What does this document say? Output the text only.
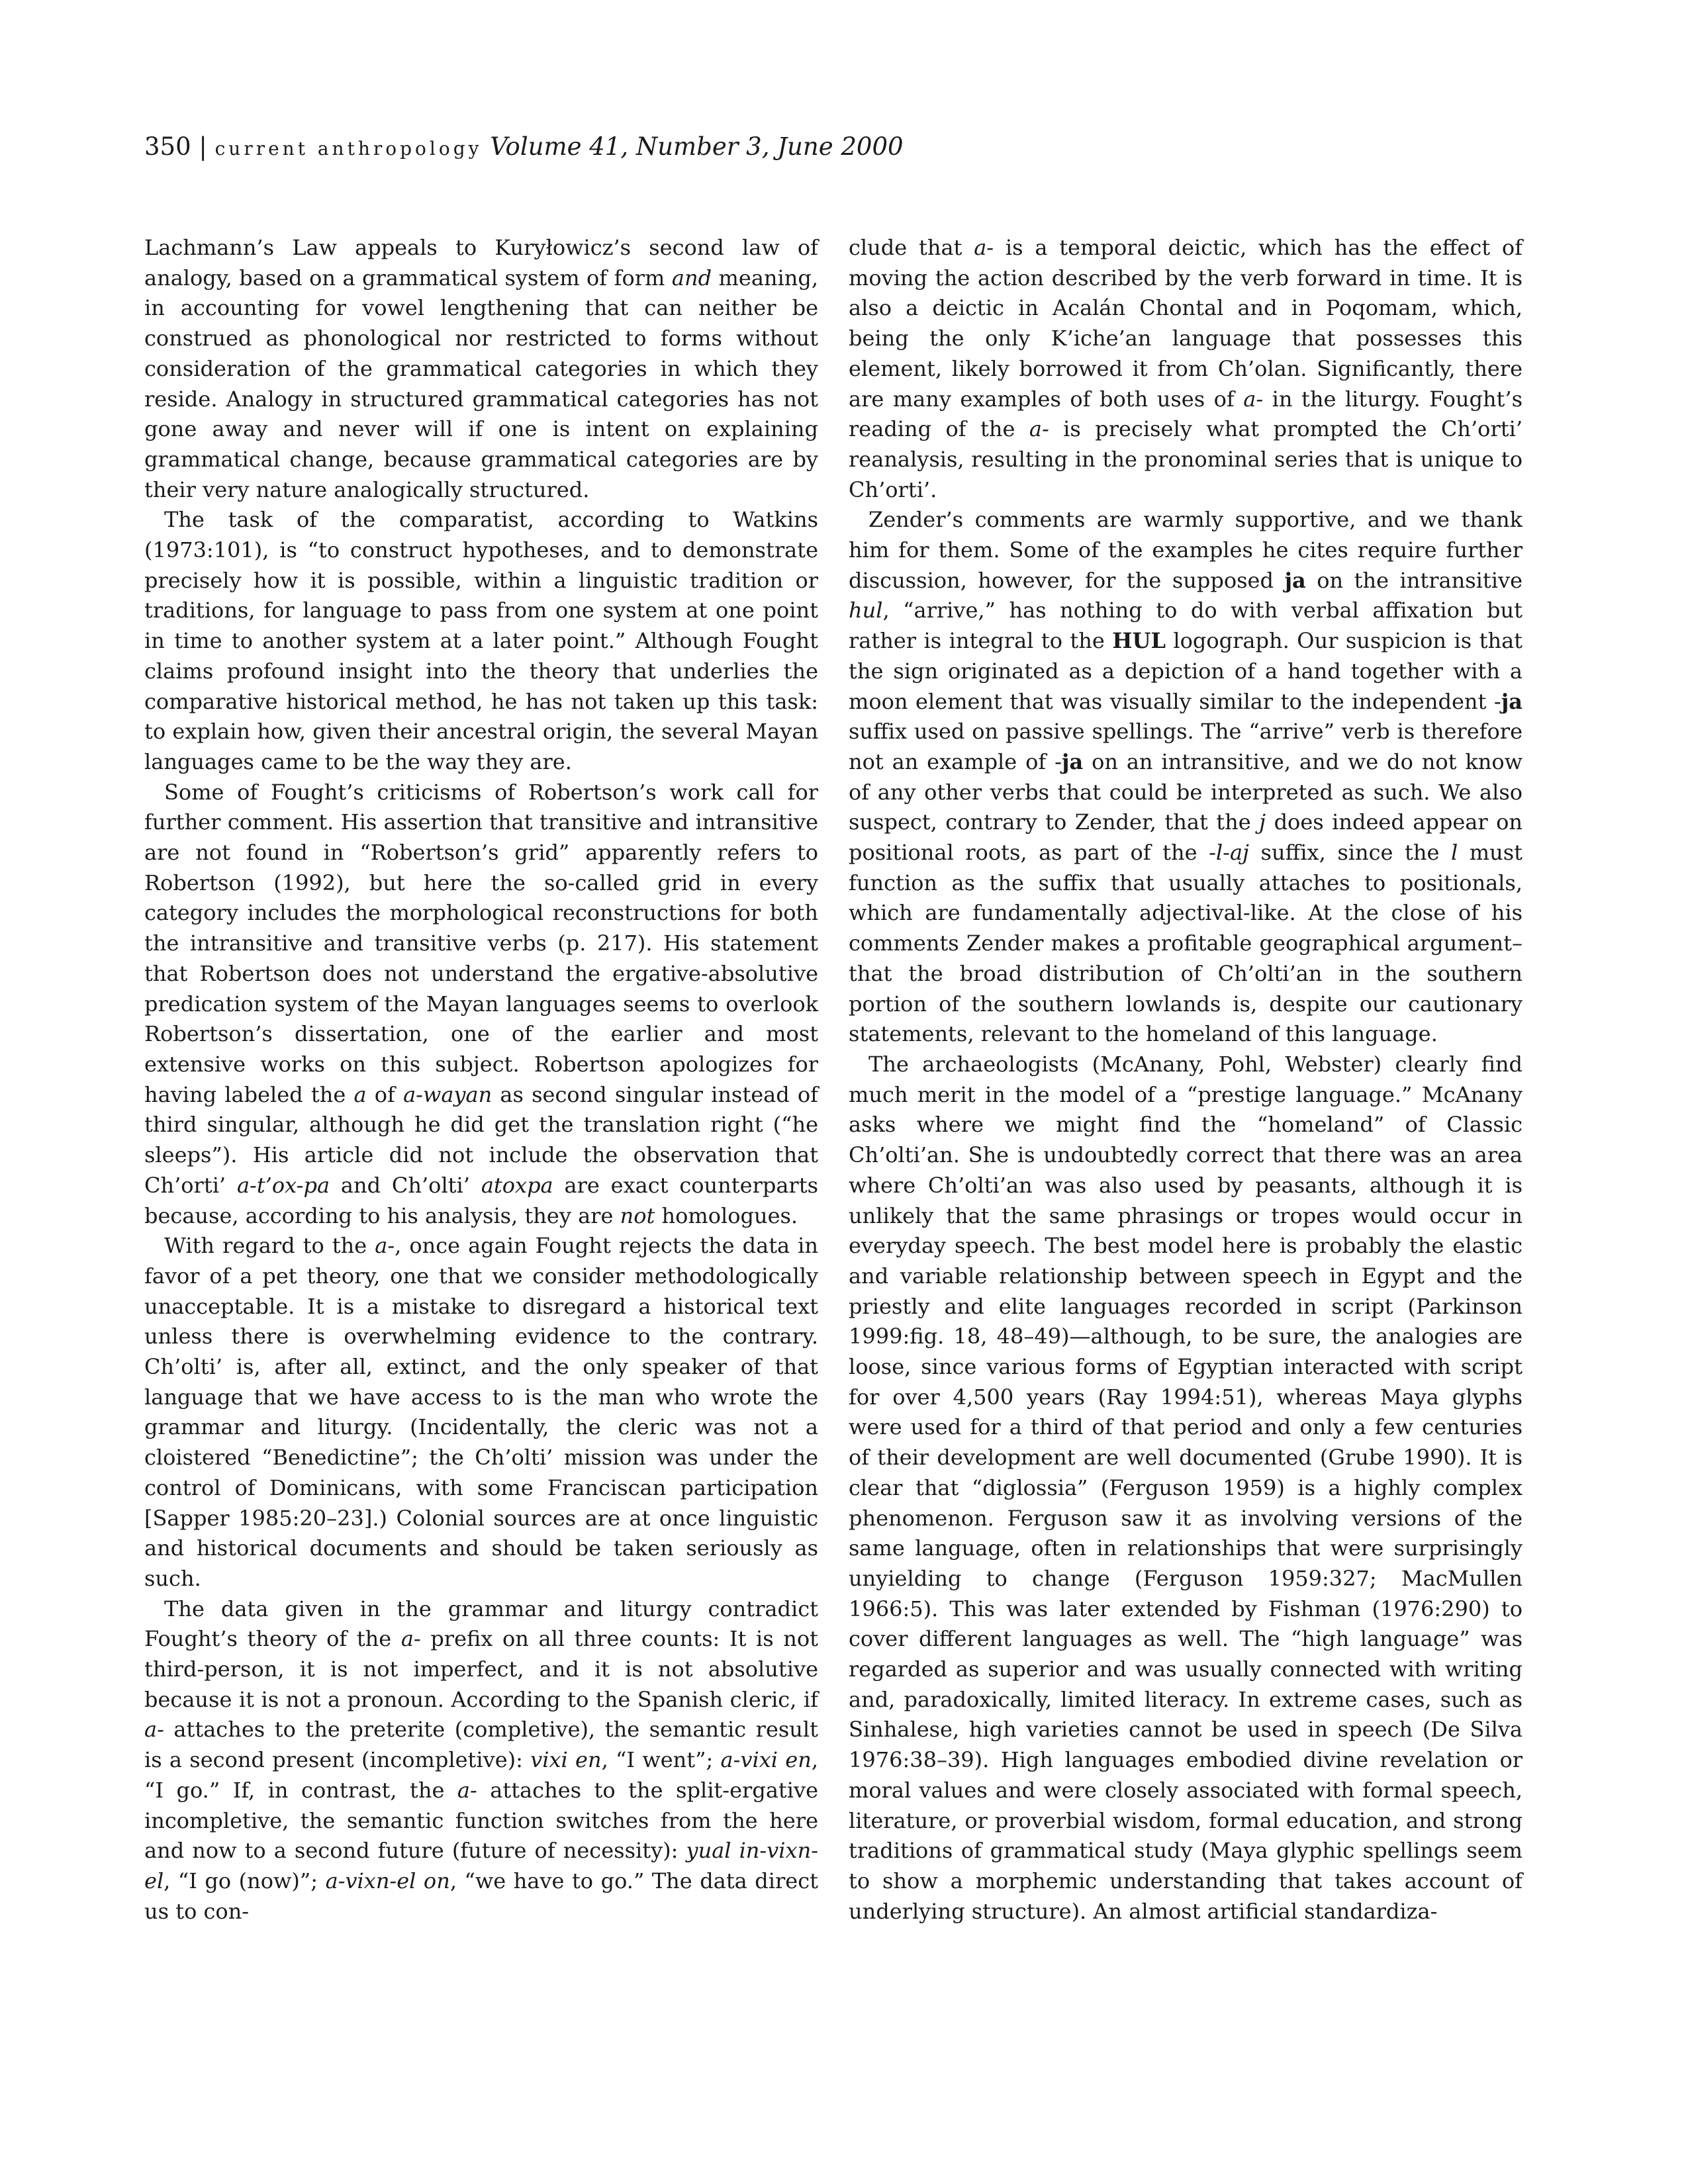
350 | current anthropology Volume 41, Number 3, June 2000

Lachmann’s Law appeals to Kuryłowicz’s second law of analogy, based on a grammatical system of form and meaning, in accounting for vowel lengthening that can neither be construed as phonological nor restricted to forms without consideration of the grammatical categories in which they reside. Analogy in structured grammatical categories has not gone away and never will if one is intent on explaining grammatical change, because grammatical categories are by their very nature analogically structured.

The task of the comparatist, according to Watkins (1973:101), is “to construct hypotheses, and to demonstrate precisely how it is possible, within a linguistic tradition or traditions, for language to pass from one system at one point in time to another system at a later point.” Although Fought claims profound insight into the theory that underlies the comparative historical method, he has not taken up this task: to explain how, given their ancestral origin, the several Mayan languages came to be the way they are.

Some of Fought’s criticisms of Robertson’s work call for further comment. His assertion that transitive and intransitive are not found in “Robertson’s grid” apparently refers to Robertson (1992), but here the so-called grid in every category includes the morphological reconstructions for both the intransitive and transitive verbs (p. 217). His statement that Robertson does not understand the ergative-absolutive predication system of the Mayan languages seems to overlook Robertson’s dissertation, one of the earlier and most extensive works on this subject. Robertson apologizes for having labeled the a of a-wayan as second singular instead of third singular, although he did get the translation right (“he sleeps”). His article did not include the observation that Ch’orti’ a-t’ox-pa and Ch’olti’ atoxpa are exact counterparts because, according to his analysis, they are not homologues.

With regard to the a-, once again Fought rejects the data in favor of a pet theory, one that we consider methodologically unacceptable. It is a mistake to disregard a historical text unless there is overwhelming evidence to the contrary. Ch’olti’ is, after all, extinct, and the only speaker of that language that we have access to is the man who wrote the grammar and liturgy. (Incidentally, the cleric was not a cloistered “Benedictine”; the Ch’olti’ mission was under the control of Dominicans, with some Franciscan participation [Sapper 1985:20–23].) Colonial sources are at once linguistic and historical documents and should be taken seriously as such.

The data given in the grammar and liturgy contradict Fought’s theory of the a- prefix on all three counts: It is not third-person, it is not imperfect, and it is not absolutive because it is not a pronoun. According to the Spanish cleric, if a- attaches to the preterite (completive), the semantic result is a second present (incompletive): vixi en, “I went”; a-vixi en, “I go.” If, in contrast, the a- attaches to the split-ergative incompletive, the semantic function switches from the here and now to a second future (future of necessity): yual in-vixn-el, “I go (now)”; a-vixn-el on, “we have to go.” The data direct us to con-

clude that a- is a temporal deictic, which has the effect of moving the action described by the verb forward in time. It is also a deictic in Acalán Chontal and in Poqomam, which, being the only K’iche’an language that possesses this element, likely borrowed it from Ch’olan. Significantly, there are many examples of both uses of a- in the liturgy. Fought’s reading of the a- is precisely what prompted the Ch’orti’ reanalysis, resulting in the pronominal series that is unique to Ch’orti’.

Zender’s comments are warmly supportive, and we thank him for them. Some of the examples he cites require further discussion, however, for the supposed ja on the intransitive hul, “arrive,” has nothing to do with verbal affixation but rather is integral to the HUL logograph. Our suspicion is that the sign originated as a depiction of a hand together with a moon element that was visually similar to the independent -ja suffix used on passive spellings. The “arrive” verb is therefore not an example of -ja on an intransitive, and we do not know of any other verbs that could be interpreted as such. We also suspect, contrary to Zender, that the j does indeed appear on positional roots, as part of the -l-aj suffix, since the l must function as the suffix that usually attaches to positionals, which are fundamentally adjectival-like. At the close of his comments Zender makes a profitable geographical argument–that the broad distribution of Ch’olti’an in the southern portion of the southern lowlands is, despite our cautionary statements, relevant to the homeland of this language.

The archaeologists (McAnany, Pohl, Webster) clearly find much merit in the model of a “prestige language.” McAnany asks where we might find the “homeland” of Classic Ch’olti’an. She is undoubtedly correct that there was an area where Ch’olti’an was also used by peasants, although it is unlikely that the same phrasings or tropes would occur in everyday speech. The best model here is probably the elastic and variable relationship between speech in Egypt and the priestly and elite languages recorded in script (Parkinson 1999:fig. 18, 48–49)—although, to be sure, the analogies are loose, since various forms of Egyptian interacted with script for over 4,500 years (Ray 1994:51), whereas Maya glyphs were used for a third of that period and only a few centuries of their development are well documented (Grube 1990). It is clear that “diglossia” (Ferguson 1959) is a highly complex phenomenon. Ferguson saw it as involving versions of the same language, often in relationships that were surprisingly unyielding to change (Ferguson 1959:327; MacMullen 1966:5). This was later extended by Fishman (1976:290) to cover different languages as well. The “high language” was regarded as superior and was usually connected with writing and, paradoxically, limited literacy. In extreme cases, such as Sinhalese, high varieties cannot be used in speech (De Silva 1976:38–39). High languages embodied divine revelation or moral values and were closely associated with formal speech, literature, or proverbial wisdom, formal education, and strong traditions of grammatical study (Maya glyphic spellings seem to show a morphemic understanding that takes account of underlying structure). An almost artificial standardiza-
